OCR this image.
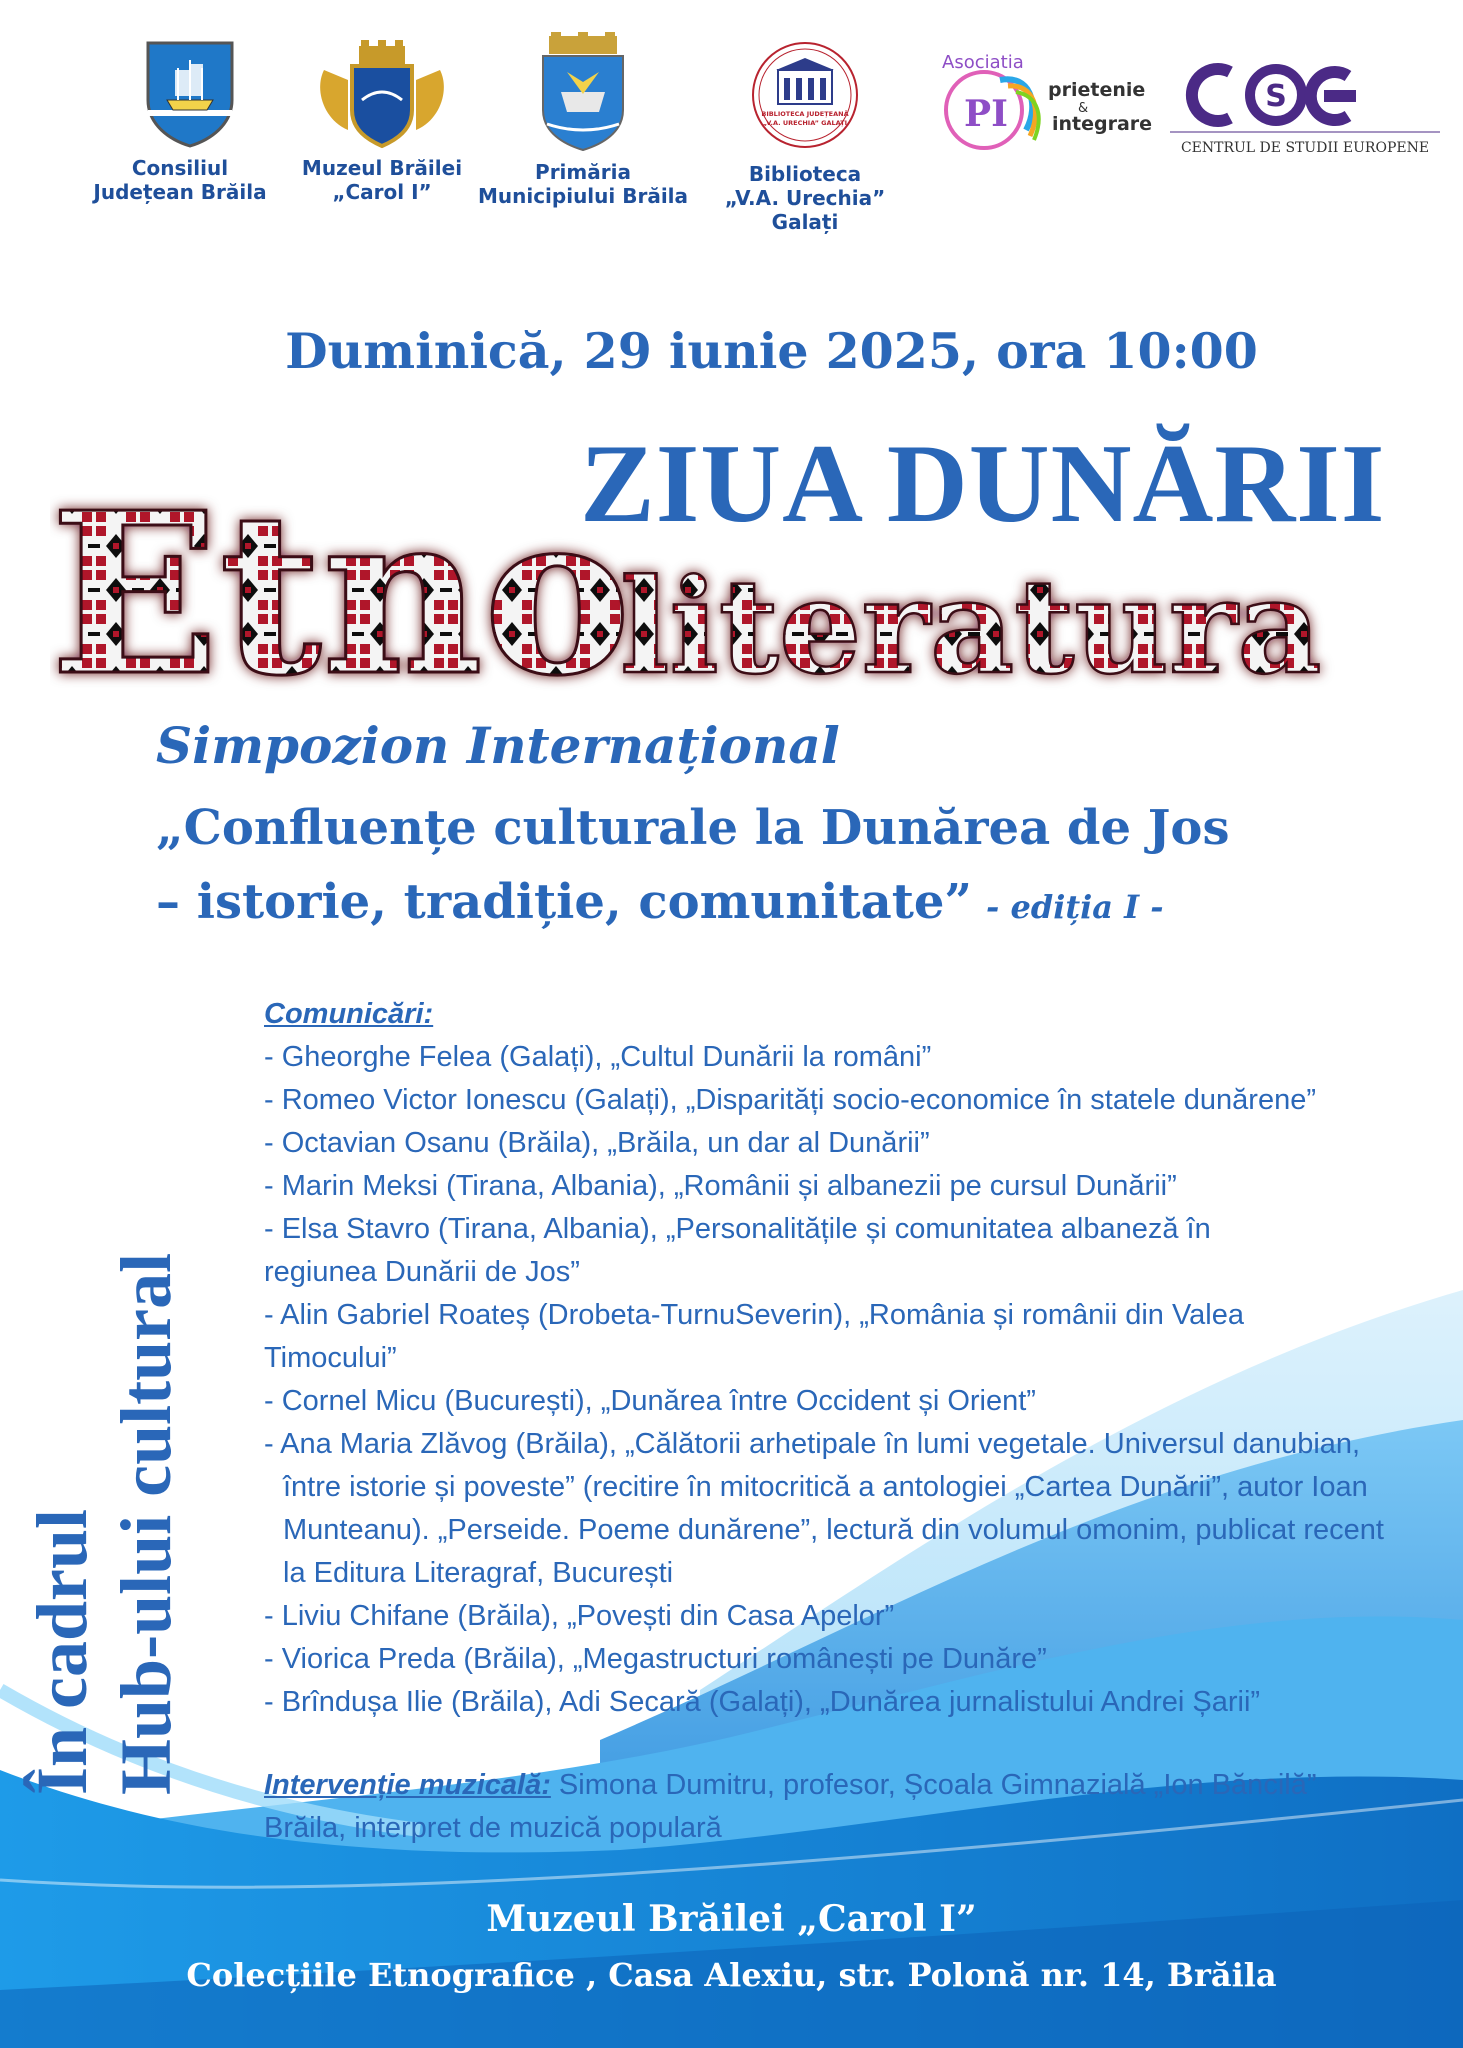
Consiliul
Județean Brăila
Muzeul Brăilei
„Carol I”
Primăria
Municipiului Brăila
BIBLIOTECA JUDEȚEANĂ
„V.A. URECHIA” GALAȚI
Biblioteca
„V.A. Urechia”
Galați
Asociatia
PI
prietenie
&
integrare
S
CENTRUL DE STUDII EUROPENE
Duminică, 29 iunie 2025, ora 10:00
ZIUA DUNĂRII
Etno
literatura
Simpozion Internațional
„Confluențe culturale la Dunărea de Jos
– istorie, tradiție, comunitate” - ediția I -
În cadrul Hub-ului cultural
Comunicări:
- Gheorghe Felea (Galați), „Cultul Dunării la români”
- Romeo Victor Ionescu (Galați), „Disparități socio-economice în statele dunărene”
- Octavian Osanu (Brăila), „Brăila, un dar al Dunării”
- Marin Meksi (Tirana, Albania), „Românii și albanezii pe cursul Dunării”
- Elsa Stavro (Tirana, Albania), „Personalitățile și comunitatea albaneză în regiunea Dunării de Jos”
- Alin Gabriel Roateș (Drobeta-TurnuSeverin), „România și românii din Valea Timocului”
- Cornel Micu (București), „Dunărea între Occident și Orient”
- Ana Maria Zlăvog (Brăila), „Călătorii arhetipale în lumi vegetale. Universul danubian, între istorie și poveste” (recitire în mitocritică a antologiei „Cartea Dunării”, autor Ioan Munteanu). „Perseide. Poeme dunărene”, lectură din volumul omonim, publicat recent la Editura Literagraf, București
- Liviu Chifane (Brăila), „Povești din Casa Apelor”
- Viorica Preda (Brăila), „Megastructuri românești pe Dunăre”
- Brîndușa Ilie (Brăila), Adi Secară (Galați), „Dunărea jurnalistului Andrei Șarii”
Intervenție muzicală: Simona Dumitru, profesor, Școala Gimnazială „Ion Băncilă” Brăila, interpret de muzică populară
Muzeul Brăilei „Carol I”
Colecțiile Etnografice , Casa Alexiu, str. Polonă nr. 14, Brăila
